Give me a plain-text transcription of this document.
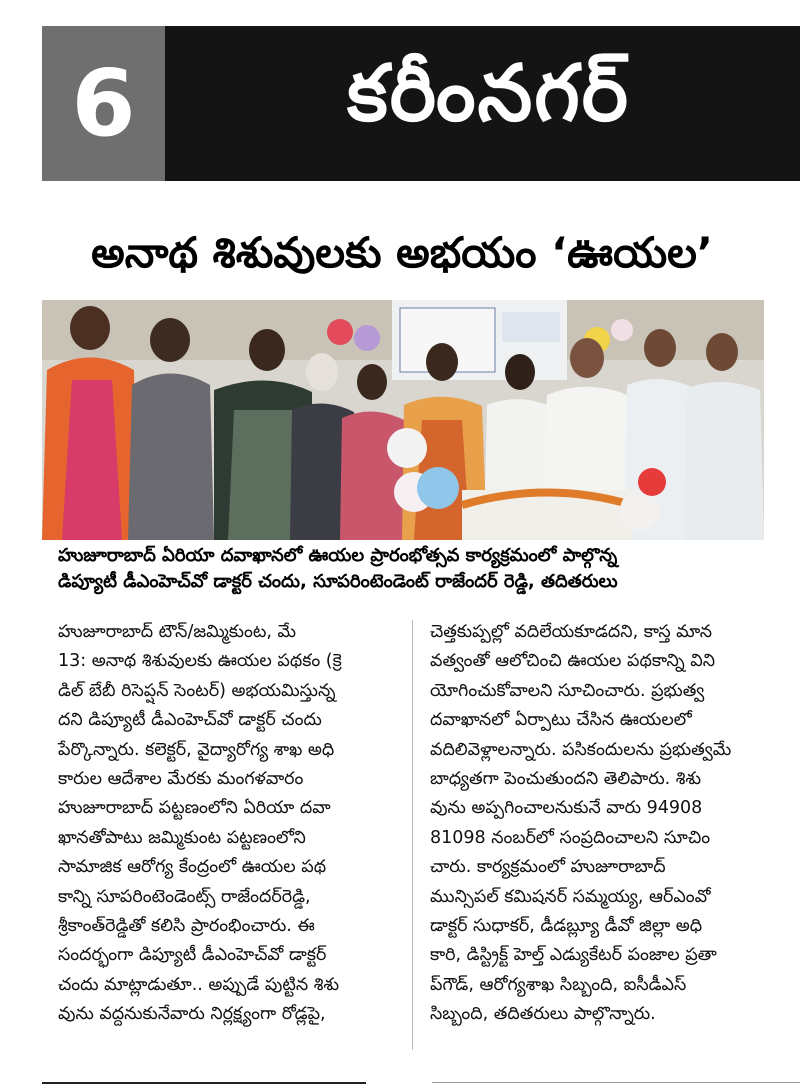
6	కరీంనగర్
అనాథ శిశువులకు అభయం ‘ఊయల’
హుజూరాబాద్ ఏరియా దవాఖానలో ఊయల ప్రారంభోత్సవ కార్యక్రమంలో పాల్గొన్న
డిప్యూటీ డీఎంహెచ్‌వో డాక్టర్ చందు, సూపరింటెండెంట్ రాజేందర్ రెడ్డి, తదితరులు
హుజూరాబాద్ టౌన్/జమ్మికుంట, మే
13: అనాథ శిశువులకు ఊయల పథకం (క్రె
డిల్ బేబీ రిసెప్షన్ సెంటర్) అభయమిస్తున్న
దని డిప్యూటీ డీఎంహెచ్‌వో డాక్టర్ చందు
పేర్కొన్నారు. కలెక్టర్, వైద్యారోగ్య శాఖ అధి
కారుల ఆదేశాల మేరకు మంగళవారం
హుజూరాబాద్ పట్టణంలోని ఏరియా దవా
ఖానతోపాటు జమ్మికుంట పట్టణంలోని
సామాజిక ఆరోగ్య కేంద్రంలో ఊయల పథ
కాన్ని సూపరింటెండెంట్స్ రాజేందర్‌రెడ్డి,
శ్రీకాంత్‌రెడ్డితో కలిసి ప్రారంభించారు. ఈ
సందర్భంగా డిప్యూటీ డీఎంహెచ్‌వో డాక్టర్
చందు మాట్లాడుతూ.. అప్పుడే పుట్టిన శిశు
వును వద్దనుకునేవారు నిర్లక్ష్యంగా రోడ్లపై,
చెత్తకుప్పల్లో వదిలేయకూడదని, కాస్త మాన
వత్వంతో ఆలోచించి ఊయల పథకాన్ని విని
యోగించుకోవాలని సూచించారు. ప్రభుత్వ
దవాఖానలో ఏర్పాటు చేసిన ఊయలలో
వదిలివెళ్లాలన్నారు. పసికందులను ప్రభుత్వమే
బాధ్యతగా పెంచుతుందని తెలిపారు. శిశు
వును అప్పగించాలనుకునే వారు 94908
81098 నంబర్‌లో సంప్రదించాలని సూచిం
చారు. కార్యక్రమంలో హుజూరాబాద్
మున్సిపల్ కమిషనర్ సమ్మయ్య, ఆర్‌ఎంవో
డాక్టర్ సుధాకర్, డీడబ్ల్యూ డీవో జిల్లా అధి
కారి, డిస్ట్రిక్ట్ హెల్త్ ఎడ్యుకేటర్ పంజాల ప్రతా
ప్‌గౌడ్, ఆరోగ్యశాఖ సిబ్బంది, ఐసీడీఎస్
సిబ్బంది, తదితరులు పాల్గొన్నారు.
